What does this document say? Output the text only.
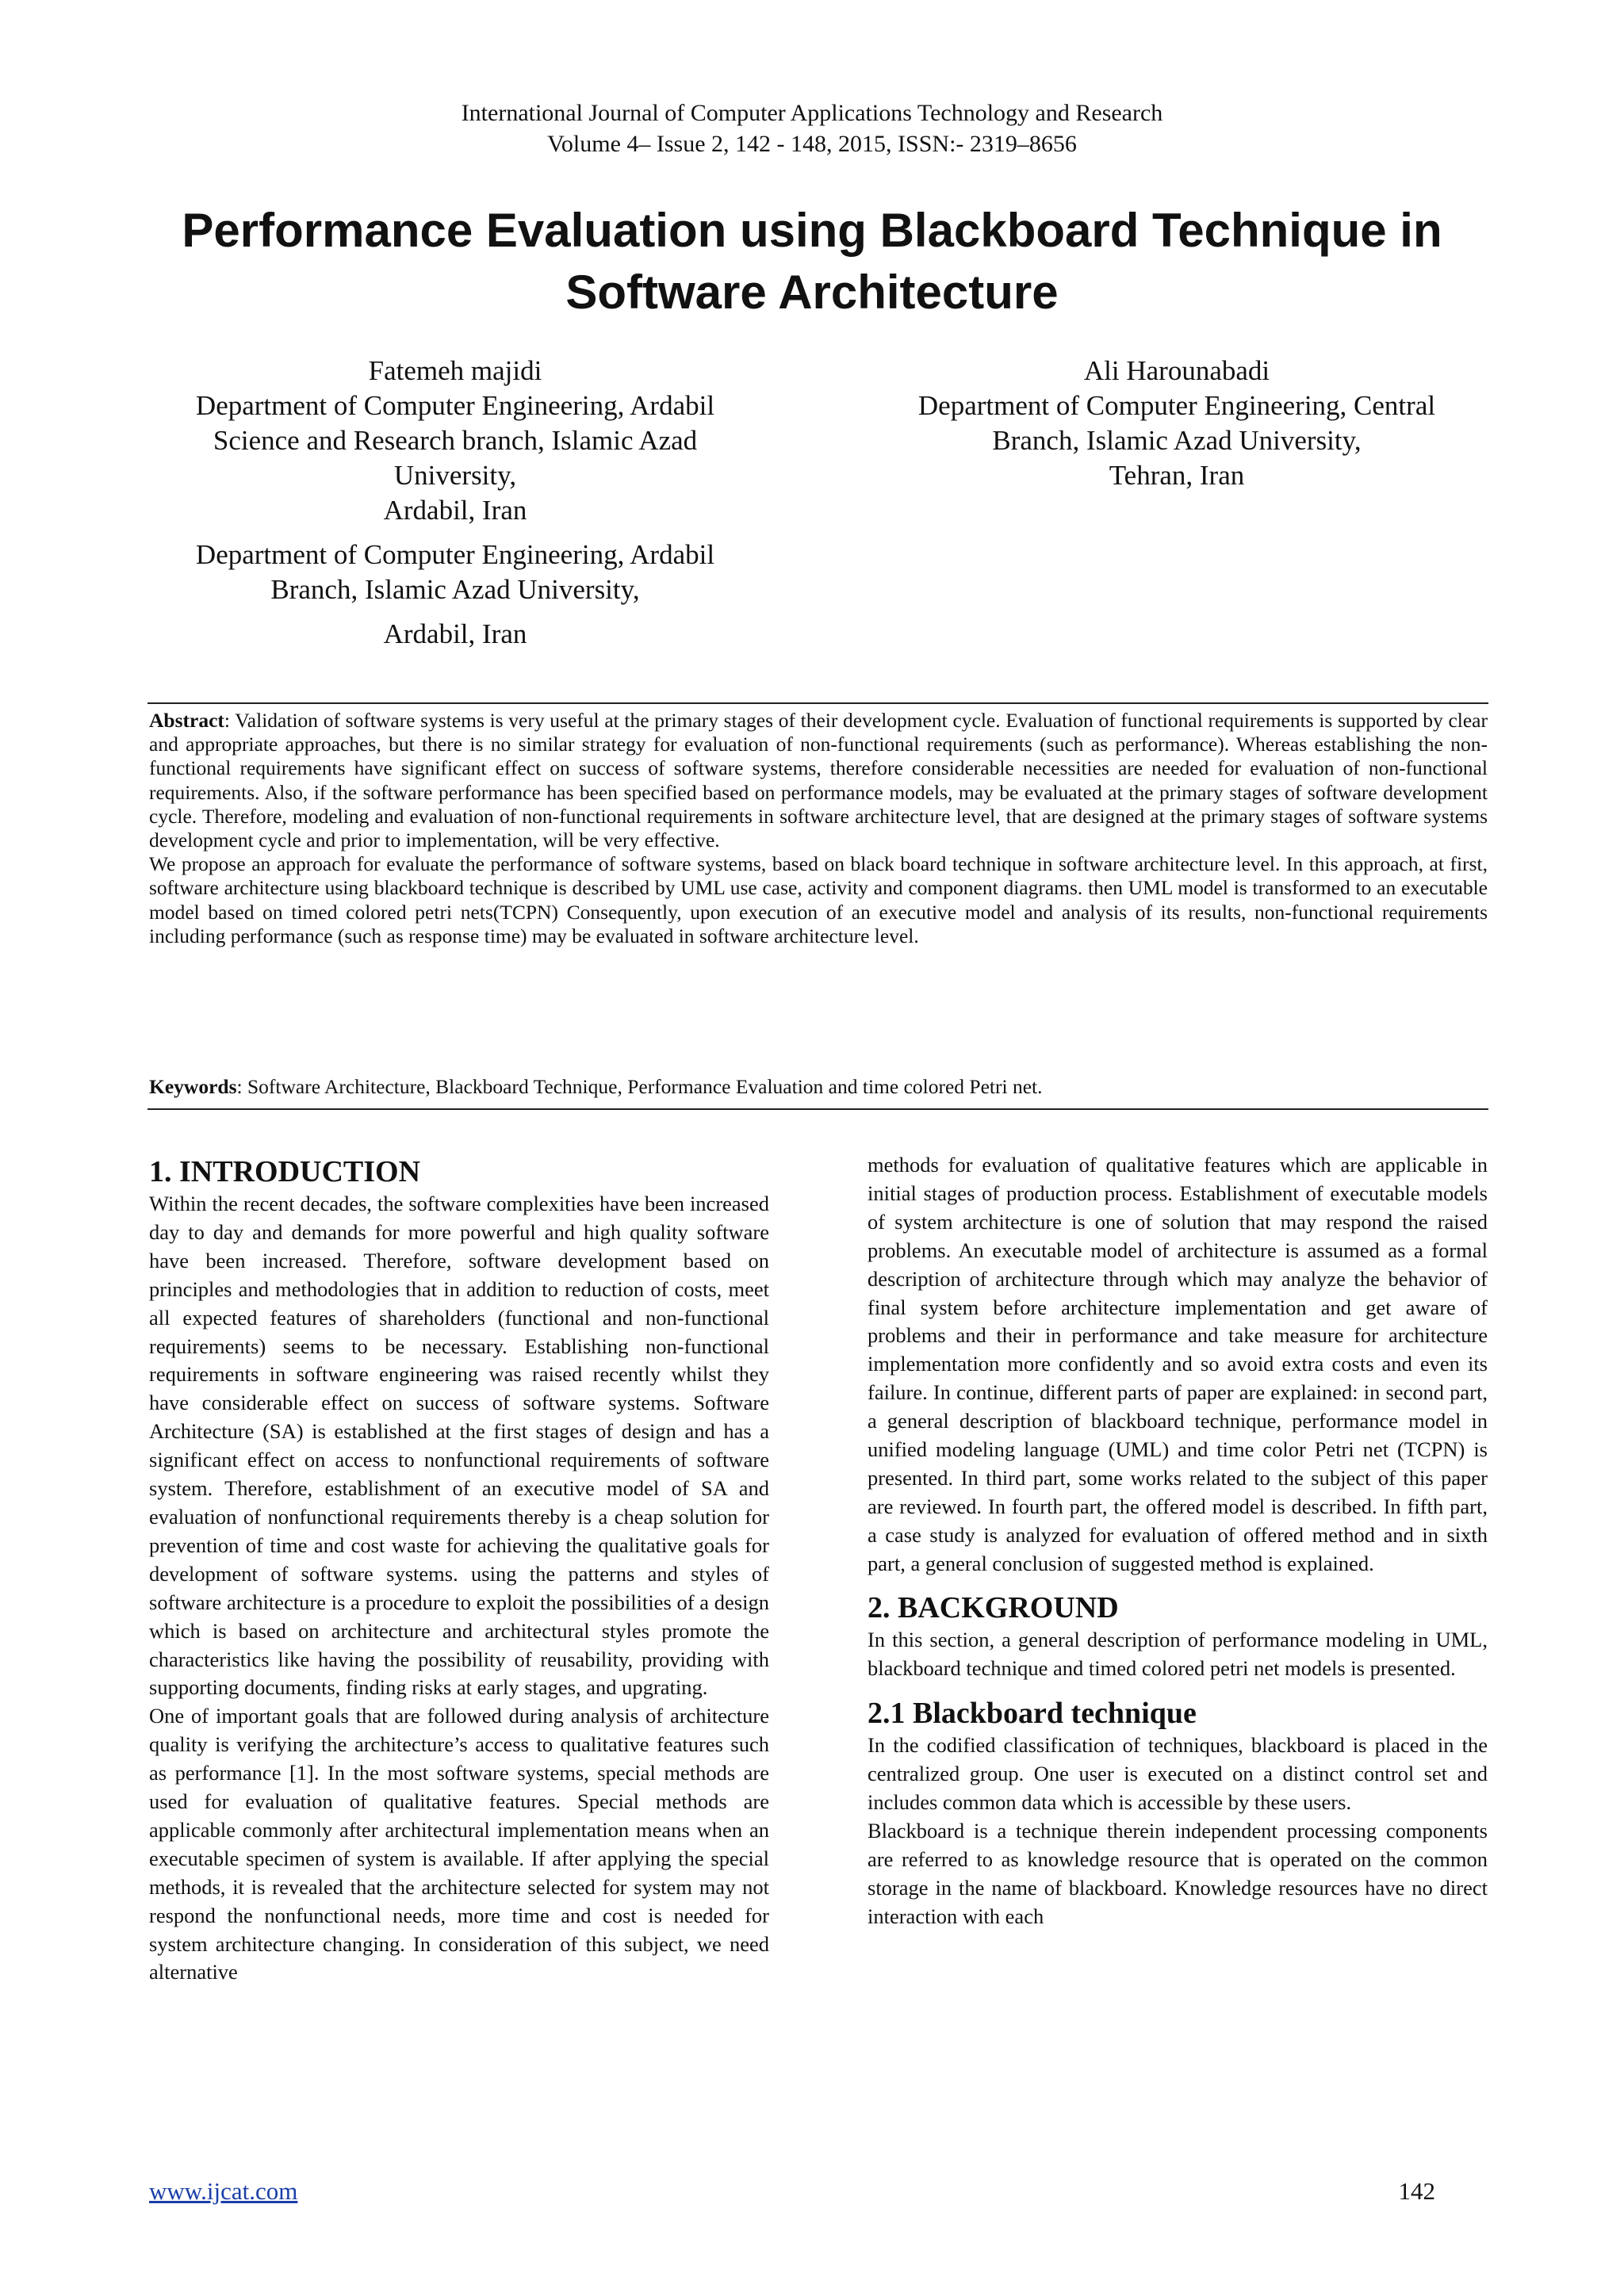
International Journal of Computer Applications Technology and Research
Volume 4– Issue 2, 142 - 148, 2015, ISSN:- 2319–8656
Performance Evaluation using Blackboard Technique in
Software Architecture
Fatemeh majidi
Department of Computer Engineering, Ardabil
Science and Research branch, Islamic Azad
University,
Ardabil, Iran
Department of Computer Engineering, Ardabil
Branch, Islamic Azad University,
Ardabil, Iran
Ali Harounabadi
Department of Computer Engineering, Central
Branch, Islamic Azad University,
Tehran, Iran

Abstract: Validation of software systems is very useful at the primary stages of their development cycle. Evaluation of functional requirements is supported by clear and appropriate approaches, but there is no similar strategy for evaluation of non-functional requirements (such as performance). Whereas establishing the non-functional requirements have significant effect on success of software systems, therefore considerable necessities are needed for evaluation of non-functional requirements. Also, if the software performance has been specified based on performance models, may be evaluated at the primary stages of software development cycle. Therefore, modeling and evaluation of non-functional requirements in software architecture level, that are designed at the primary stages of software systems development cycle and prior to implementation, will be very effective.

We propose an approach for evaluate the performance of software systems, based on black board technique in software architecture level. In this approach, at first, software architecture using blackboard technique is described by UML use case, activity and component diagrams. then UML model is transformed to an executable model based on timed colored petri nets(TCPN) Consequently, upon execution of an executive model and analysis of its results, non-functional requirements including performance (such as response time) may be evaluated in software architecture level.

Keywords: Software Architecture, Blackboard Technique, Performance Evaluation and time colored Petri net.
1. INTRODUCTION

Within the recent decades, the software complexities have been increased day to day and demands for more powerful and high quality software have been increased. Therefore, software development based on principles and methodologies that in addition to reduction of costs, meet all expected features of shareholders (functional and non-functional requirements) seems to be necessary. Establishing non-functional requirements in software engineering was raised recently whilst they have considerable effect on success of software systems. Software Architecture (SA) is established at the first stages of design and has a significant effect on access to nonfunctional requirements of software system. Therefore, establishment of an executive model of SA and evaluation of nonfunctional requirements thereby is a cheap solution for prevention of time and cost waste for achieving the qualitative goals for development of software systems. using the patterns and styles of software architecture is a procedure to exploit the possibilities of a design which is based on architecture and architectural styles promote the characteristics like having the possibility of reusability, providing with supporting documents, finding risks at early stages, and upgrating.

One of important goals that are followed during analysis of architecture quality is verifying the architecture’s access to qualitative features such as performance [1]. In the most software systems, special methods are used for evaluation of qualitative features. Special methods are applicable commonly after architectural implementation means when an executable specimen of system is available. If after applying the special methods, it is revealed that the architecture selected for system may not respond the nonfunctional needs, more time and cost is needed for system architecture changing. In consideration of this subject, we need alternative

methods for evaluation of qualitative features which are applicable in initial stages of production process. Establishment of executable models of system architecture is one of solution that may respond the raised problems. An executable model of architecture is assumed as a formal description of architecture through which may analyze the behavior of final system before architecture implementation and get aware of problems and their in performance and take measure for architecture implementation more confidently and so avoid extra costs and even its failure. In continue, different parts of paper are explained: in second part, a general description of blackboard technique, performance model in unified modeling language (UML) and time color Petri net (TCPN) is presented. In third part, some works related to the subject of this paper are reviewed. In fourth part, the offered model is described. In fifth part, a case study is analyzed for evaluation of offered method and in sixth part, a general conclusion of suggested method is explained.

2. BACKGROUND

In this section, a general description of performance modeling in UML, blackboard technique and timed colored petri net models is presented.

2.1 Blackboard technique

In the codified classification of techniques, blackboard is placed in the centralized group. One user is executed on a distinct control set and includes common data which is accessible by these users.

Blackboard is a technique therein independent processing components are referred to as knowledge resource that is operated on the common storage in the name of blackboard. Knowledge resources have no direct interaction with each

www.ijcat.com	142
